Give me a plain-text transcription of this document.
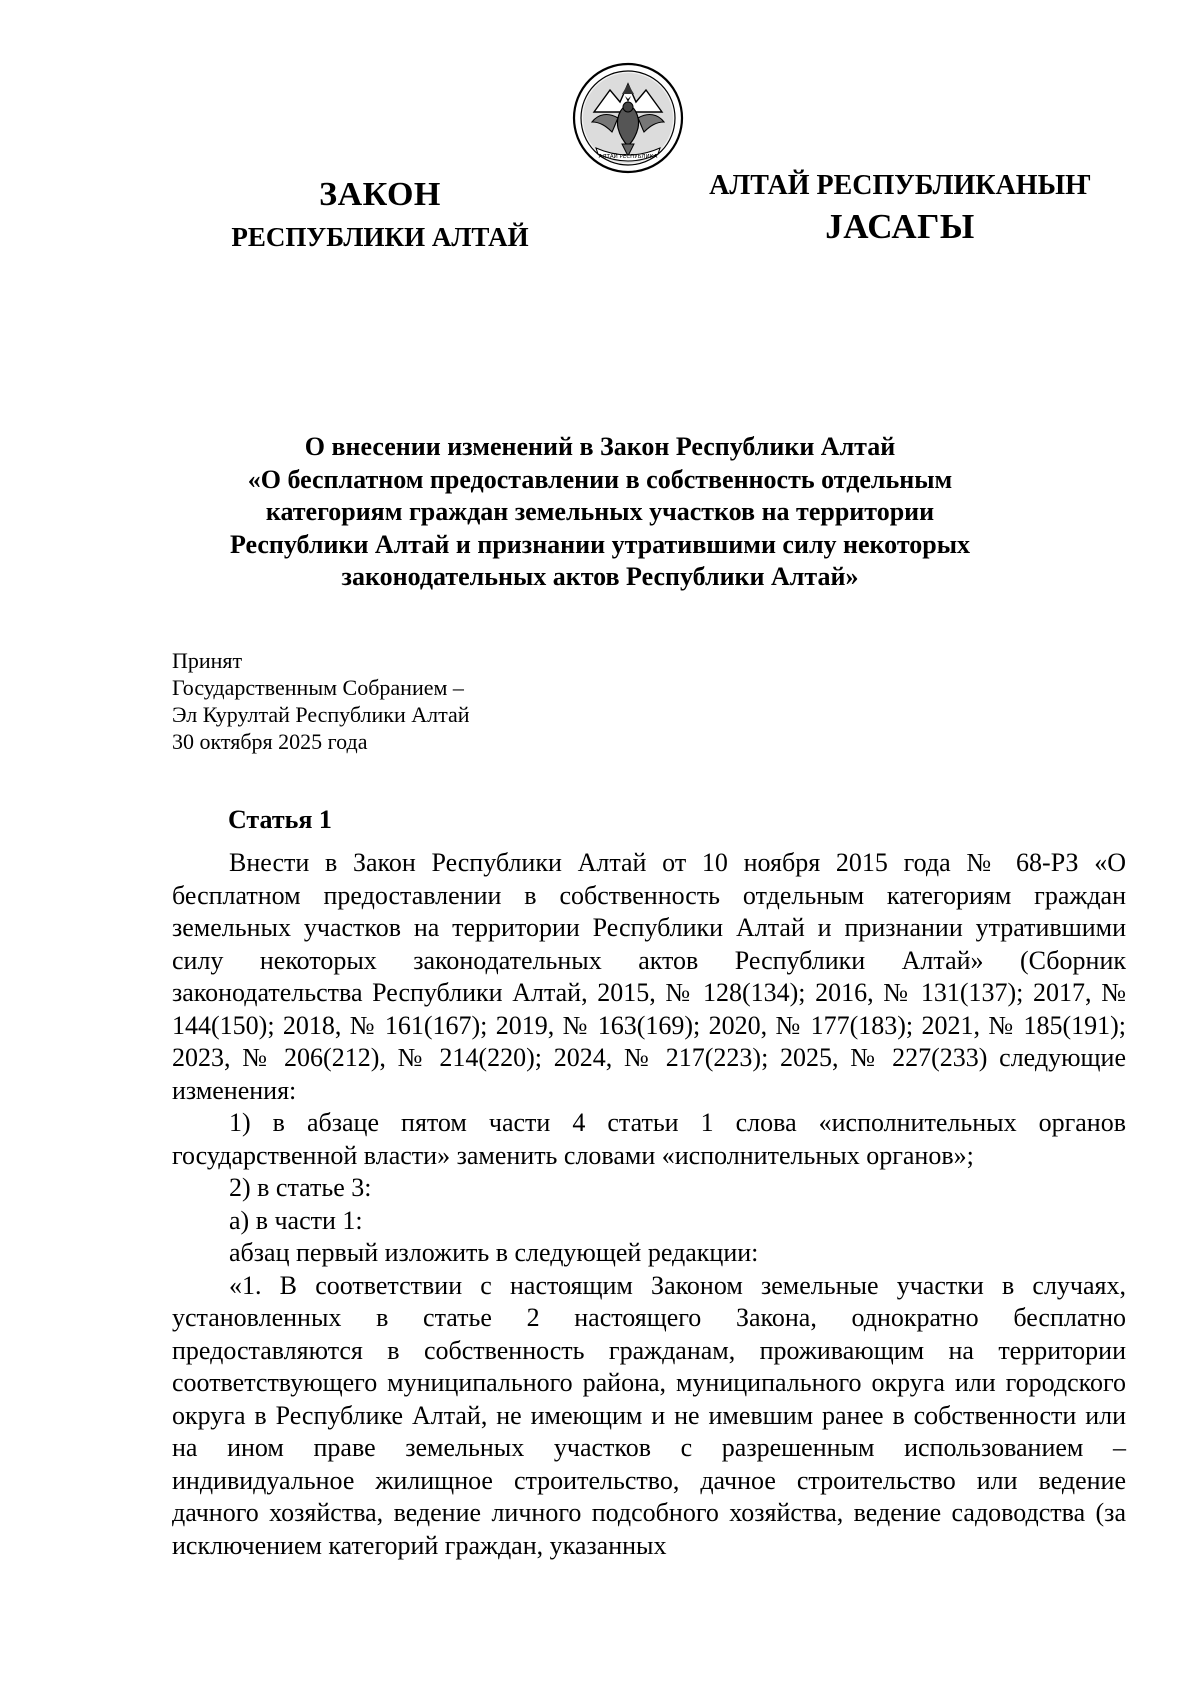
АЛТАЙ РЕСПУБЛИКА
ЗАКОН
РЕСПУБЛИКИ АЛТАЙ
АЛТАЙ РЕСПУБЛИКАНЫҤ
ЈАСАГЫ
О внесении изменений в Закон Республики Алтай
«О бесплатном предоставлении в собственность отдельным
категориям граждан земельных участков на территории
Республики Алтай и признании утратившими силу некоторых
законодательных актов Республики Алтай»
Принят
Государственным Собранием –
Эл Курултай Республики Алтай
30 октября 2025 года
Статья 1

Внести в Закон Республики Алтай от 10 ноября 2015 года № 68-РЗ «О бесплатном предоставлении в собственность отдельным категориям граждан земельных участков на территории Республики Алтай и признании утратившими силу некоторых законодательных актов Республики Алтай» (Сборник законодательства Республики Алтай, 2015, № 128(134); 2016, № 131(137); 2017, № 144(150); 2018, № 161(167); 2019, № 163(169); 2020, № 177(183); 2021, № 185(191); 2023, № 206(212), № 214(220); 2024, № 217(223); 2025, № 227(233) следующие изменения:

1) в абзаце пятом части 4 статьи 1 слова «исполнительных органов государственной власти» заменить словами «исполнительных органов»;

2) в статье 3:

а) в части 1:

абзац первый изложить в следующей редакции:

«1. В соответствии с настоящим Законом земельные участки в случаях, установленных в статье 2 настоящего Закона, однократно бесплатно предоставляются в собственность гражданам, проживающим на территории соответствующего муниципального района, муниципального округа или городского округа в Республике Алтай, не имеющим и не имевшим ранее в собственности или на ином праве земельных участков с разрешенным использованием – индивидуальное жилищное строительство, дачное строительство или ведение дачного хозяйства, ведение личного подсобного хозяйства, ведение садоводства (за исключением категорий граждан, указанных
